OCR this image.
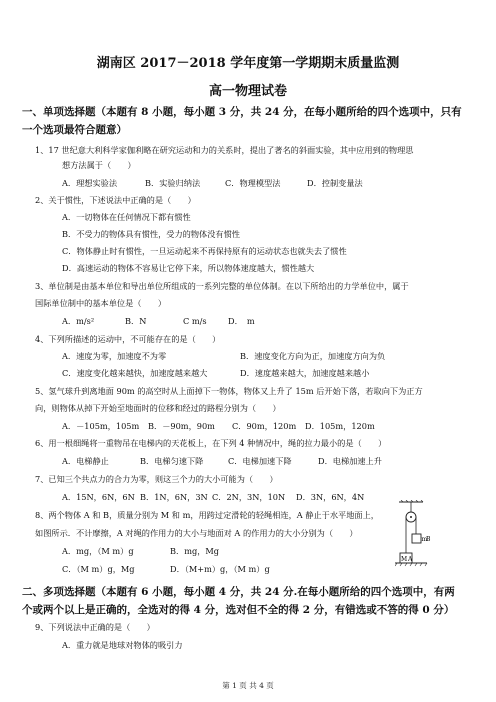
湖南区 2017－2018 学年度第一学期期末质量监测
高一物理试卷
一、单项选择题（本题有 8 小题，每小题 3 分，共 24 分，在每小题所给的四个选项中，只有
一个选项最符合题意）
1、17 世纪意大利科学家伽利略在研究运动和力的关系时，提出了著名的斜面实验，其中应用到的物理思
想方法属于（　　）
A．理想实验法	B．实验归纳法	C．物理模型法	D．控制变量法
2、关于惯性，下述说法中正确的是（　　）
A．一切物体在任何情况下都有惯性
B．不受力的物体具有惯性，受力的物体没有惯性
C．物体静止时有惯性，一旦运动起来不再保持原有的运动状态也就失去了惯性
D．高速运动的物体不容易让它停下来，所以物体速度越大，惯性越大
3、单位制是由基本单位和导出单位所组成的一系列完整的单位体制。在以下所给出的力学单位中，属于
国际单位制中的基本单位是（　　）
A．m/s²	B．N	C m/s	D．　m
4、下列所描述的运动中，不可能存在的是（　　）
A．速度为零，加速度不为零	B．速度变化方向为正，加速度方向为负
C．速度变化越来越快，加速度越来越大	D．速度越来越大，加速度越来越小
5、氢气球升到离地面 90m 的高空时从上面掉下一物体，物体又上升了 15m 后开始下落，若取向下为正方
向，则物体从掉下开始至地面时的位移和经过的路程分别为（　　）
A．－105m，105m B．－90m，90m C．90m，120m D．105m，120m
6、用一根细绳将一重物吊在电梯内的天花板上，在下列 4 种情况中，绳的拉力最小的是（　　）
A．电梯静止	B．电梯匀速下降	C．电梯加速下降	D．电梯加速上升
7、已知三个共点力的合力为零，则这三个力的大小可能为（　　）
A．15N，6N，6N B．1N，6N，3N C．2N，3N，10N D．3N，6N，4N
8、两个物体 A 和 B，质量分别为 M 和 m，用跨过定滑轮的轻绳相连，A 静止于水平地面上，
如图所示．不计摩擦，A 对绳的作用力的大小与地面对 A 的作用力的大小分别为（　　）
A．mg，（M m）g	B．mg，Mg
C．（M m）g，Mg	D．（M+m）g，（M m）g
m
B
M A
二、多项选择题（本题有 6 小题，每小题 4 分，共 24 分.在每小题所给的四个选项中，有两
个或两个以上是正确的，全选对的得 4 分，选对但不全的得 2 分，有错选或不答的得 0 分）
9、下列说法中正确的是（　　）
A．重力就是地球对物体的吸引力
第 1 页 共 4 页
